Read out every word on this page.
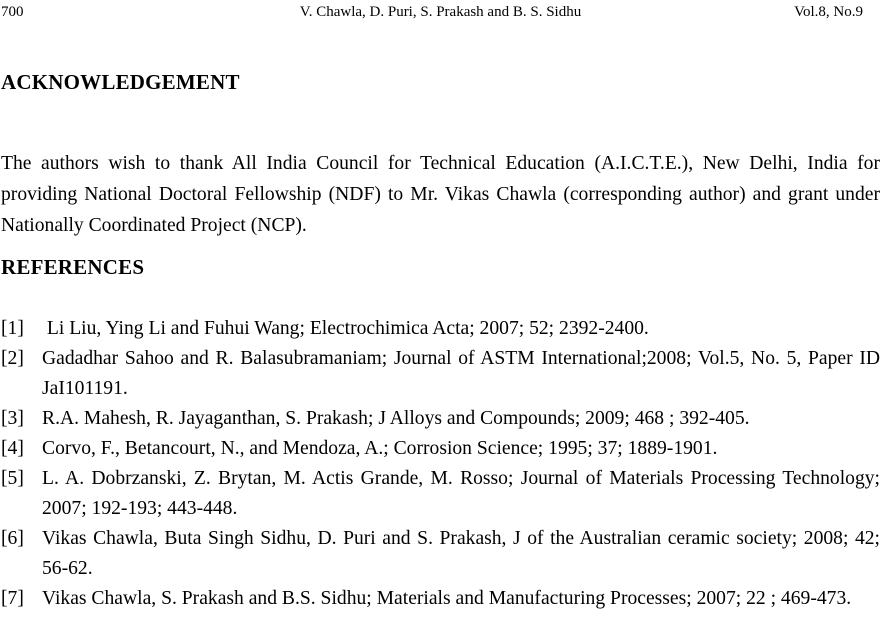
700	V. Chawla, D. Puri, S. Prakash and B. S. Sidhu	Vol.8, No.9
ACKNOWLEDGEMENT

The authors wish to thank All India Council for Technical Education (A.I.C.T.E.), New Delhi, India for providing National Doctoral Fellowship (NDF) to Mr. Vikas Chawla (corresponding author) and grant under Nationally Coordinated Project (NCP).

REFERENCES
[1] Li Liu, Ying Li and Fuhui Wang; Electrochimica Acta; 2007; 52; 2392-2400.
[2] Gadadhar Sahoo and R. Balasubramaniam; Journal of ASTM International;2008; Vol.5, No. 5, Paper ID JaI101191.
[3] R.A. Mahesh, R. Jayaganthan, S. Prakash; J Alloys and Compounds; 2009; 468 ; 392-405.
[4] Corvo, F., Betancourt, N., and Mendoza, A.; Corrosion Science; 1995; 37; 1889-1901.
[5] L. A. Dobrzanski, Z. Brytan, M. Actis Grande, M. Rosso; Journal of Materials Processing Technology; 2007; 192-193; 443-448.
[6] Vikas Chawla, Buta Singh Sidhu, D. Puri and S. Prakash, J of the Australian ceramic society; 2008; 42; 56-62.
[7] Vikas Chawla, S. Prakash and B.S. Sidhu; Materials and Manufacturing Processes; 2007; 22 ; 469-473.
